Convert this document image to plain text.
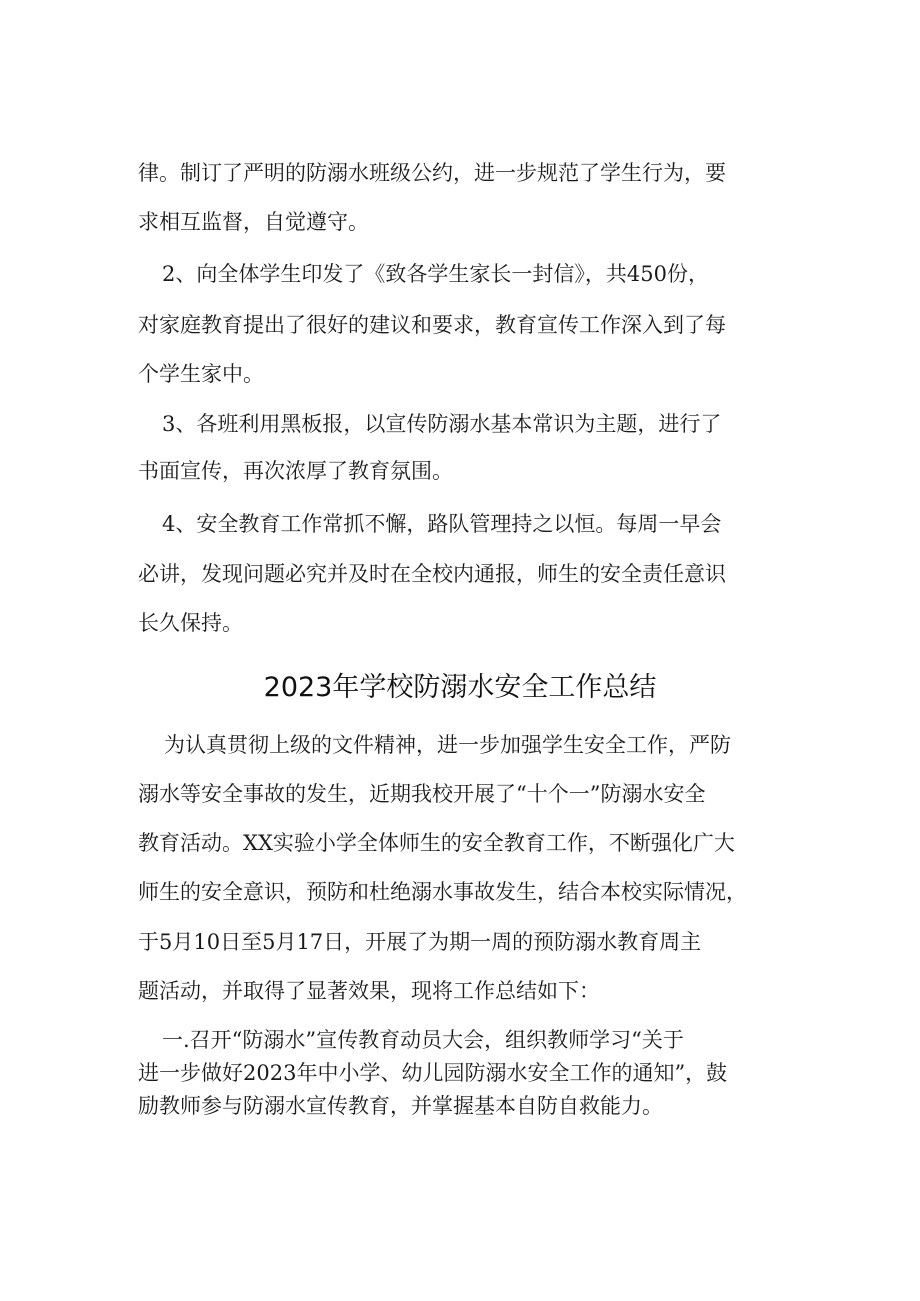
律。制订了严明的防溺水班级公约，进一步规范了学生行为，要
求相互监督，自觉遵守。
2、向全体学生印发了《致各学生家长一封信》，共450份，
对家庭教育提出了很好的建议和要求，教育宣传工作深入到了每
个学生家中。
3、各班利用黑板报，以宣传防溺水基本常识为主题，进行了
书面宣传，再次浓厚了教育氛围。
4、安全教育工作常抓不懈，路队管理持之以恒。每周一早会
必讲，发现问题必究并及时在全校内通报，师生的安全责任意识
长久保持。
2023年学校防溺水安全工作总结
为认真贯彻上级的文件精神，进一步加强学生安全工作，严防
溺水等安全事故的发生，近期我校开展了“十个一”防溺水安全
教育活动。XX实验小学全体师生的安全教育工作，不断强化广大
师生的安全意识，预防和杜绝溺水事故发生，结合本校实际情况，
于5月10日至5月17日，开展了为期一周的预防溺水教育周主
题活动，并取得了显著效果，现将工作总结如下：
一.召开“防溺水”宣传教育动员大会，组织教师学习“关于
进一步做好2023年中小学、幼儿园防溺水安全工作的通知”，鼓
励教师参与防溺水宣传教育，并掌握基本自防自救能力。
